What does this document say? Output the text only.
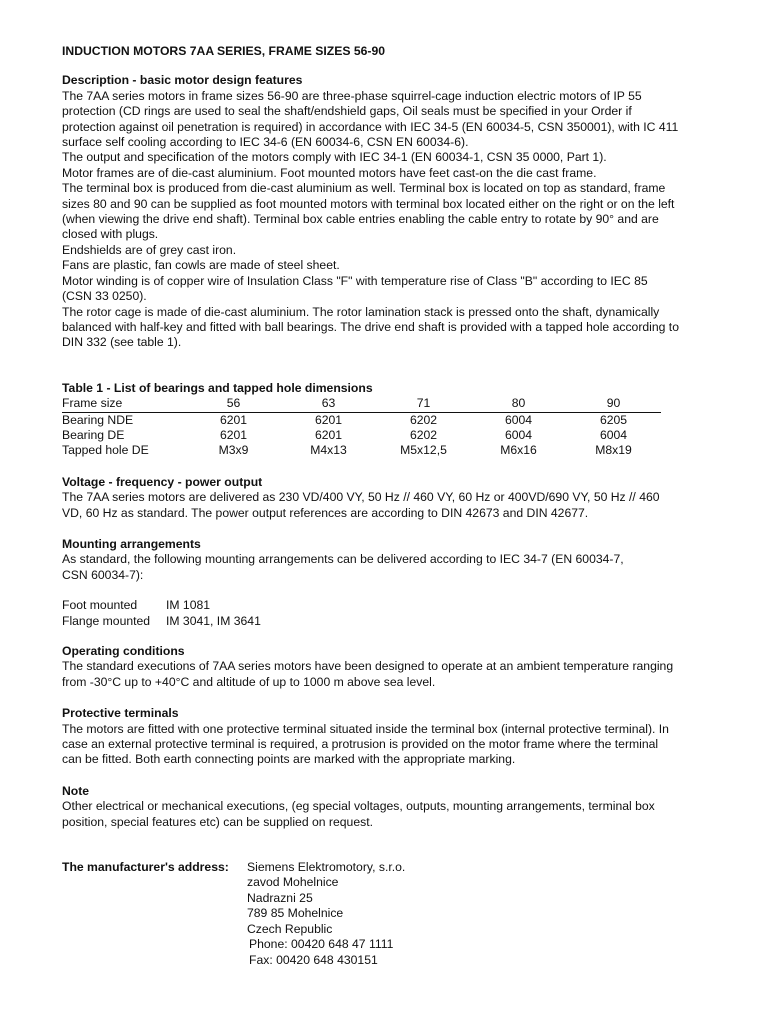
INDUCTION MOTORS 7AA SERIES, FRAME SIZES 56-90
Description - basic motor design features
The 7AA series motors in frame sizes 56-90 are three-phase squirrel-cage induction electric motors of IP 55
protection (CD rings are used to seal the shaft/endshield gaps, Oil seals must be specified in your Order if
protection against oil penetration is required) in accordance with IEC 34-5 (EN 60034-5, CSN 350001), with IC 411
surface self cooling according to IEC 34-6 (EN 60034-6, CSN EN 60034-6).
The output and specification of the motors comply with IEC 34-1 (EN 60034-1, CSN 35 0000, Part 1).
Motor frames are of die-cast aluminium. Foot mounted motors have feet cast-on the die cast frame.
The terminal box is produced from die-cast aluminium as well. Terminal box is located on top as standard, frame
sizes 80 and 90 can be supplied as foot mounted motors with terminal box located either on the right or on the left
(when viewing the drive end shaft). Terminal box cable entries enabling the cable entry to rotate by 90° and are
closed with plugs.
Endshields are of grey cast iron.
Fans are plastic, fan cowls are made of steel sheet.
Motor winding is of copper wire of Insulation Class "F" with temperature rise of Class "B" according to IEC 85
(CSN 33 0250).
The rotor cage is made of die-cast aluminium. The rotor lamination stack is pressed onto the shaft, dynamically
balanced with half-key and fitted with ball bearings. The drive end shaft is provided with a tapped hole according to
DIN 332 (see table 1).
Table 1 - List of bearings and tapped hole dimensions
Frame size	56	63	71	80	90
Bearing NDE	6201	6201	6202	6004	6205
Bearing DE	6201	6201	6202	6004	6004
Tapped hole DE	M3x9	M4x13	M5x12,5	M6x16	M8x19
Voltage - frequency - power output
The 7AA series motors are delivered as 230 VD/400 VY, 50 Hz // 460 VY, 60 Hz or 400VD/690 VY, 50 Hz // 460
VD, 60 Hz as standard. The power output references are according to DIN 42673 and DIN 42677.
Mounting arrangements
As standard, the following mounting arrangements can be delivered according to IEC 34-7 (EN 60034-7,
CSN 60034-7):
Foot mounted IM 1081
Flange mounted IM 3041, IM 3641
Operating conditions
The standard executions of 7AA series motors have been designed to operate at an ambient temperature ranging
from -30°C up to +40°C and altitude of up to 1000 m above sea level.
Protective terminals
The motors are fitted with one protective terminal situated inside the terminal box (internal protective terminal). In
case an external protective terminal is required, a protrusion is provided on the motor frame where the terminal
can be fitted. Both earth connecting points are marked with the appropriate marking.
Note
Other electrical or mechanical executions, (eg special voltages, outputs, mounting arrangements, terminal box
position, special features etc) can be supplied on request.
The manufacturer's address:	Siemens Elektromotory, s.r.o.
zavod Mohelnice
Nadrazni 25
789 85 Mohelnice
Czech Republic
Phone: 00420 648 47 1111
Fax: 00420 648 430151
